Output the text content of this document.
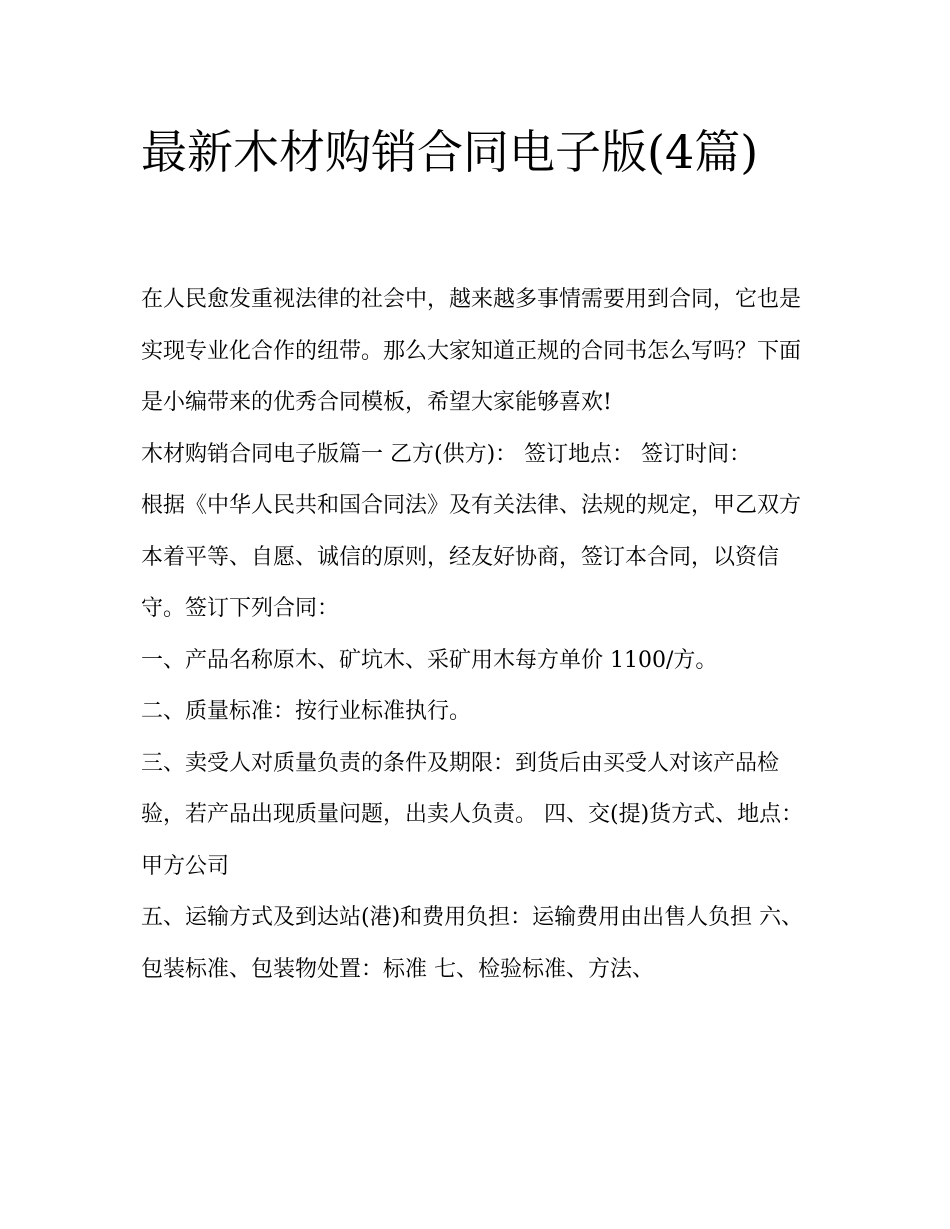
最新木材购销合同电子版(4篇)

在人民愈发重视法律的社会中，越来越多事情需要用到合同，它也是实现专业化合作的纽带。那么大家知道正规的合同书怎么写吗？下面是小编带来的优秀合同模板，希望大家能够喜欢!

木材购销合同电子版篇一 乙方(供方)： 签订地点： 签订时间：

根据《中华人民共和国合同法》及有关法律、法规的规定，甲乙双方本着平等、自愿、诚信的原则，经友好协商，签订本合同，以资信守。签订下列合同：

一、产品名称原木、矿坑木、采矿用木每方单价 1100/方。

二、质量标准：按行业标准执行。

三、卖受人对质量负责的条件及期限：到货后由买受人对该产品检验，若产品出现质量问题，出卖人负责。 四、交(提)货方式、地点：甲方公司

五、运输方式及到达站(港)和费用负担：运输费用由出售人负担 六、包装标准、包装物处置：标准 七、检验标准、方法、
